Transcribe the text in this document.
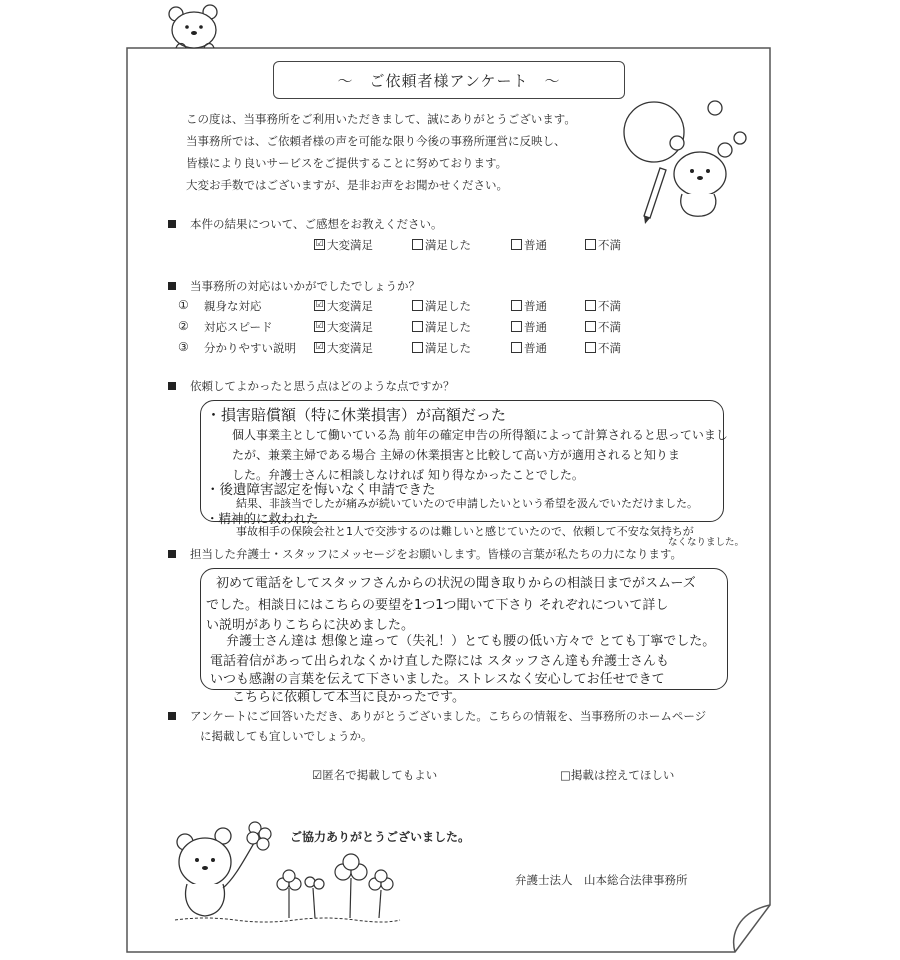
～　ご依頼者様アンケート　～
この度は、当事務所をご利用いただきまして、誠にありがとうございます。
当事務所では、ご依頼者様の声を可能な限り今後の事務所運営に反映し、
皆様により良いサービスをご提供することに努めております。
大変お手数ではございますが、是非お声をお聞かせください。
本件の結果について、ご感想をお教えください。
☑ 大変満足	満足した	普通	不満
当事務所の対応はいかがでしたでしょうか？
① 親身な対応	☑ 大変満足	満足した	普通	不満
② 対応スピード	☑ 大変満足	満足した	普通	不満
③ 分かりやすい説明 ☑ 大変満足	満足した	普通	不満
依頼してよかったと思う点はどのような点ですか？
・損害賠償額（特に休業損害）が高額だった
個人事業主として働いている為 前年の確定申告の所得額によって計算されると思っていまし
たが、兼業主婦である場合 主婦の休業損害と比較して高い方が適用されると知りま
した。弁護士さんに相談しなければ 知り得なかったことでした。
・後遺障害認定を悔いなく申請できた
結果、非該当でしたが痛みが続いていたので申請したいという希望を汲んでいただけました。
・精神的に救われた
事故相手の保険会社と1人で交渉するのは難しいと感じていたので、依頼して不安な気持ちが
なくなりました。
担当した弁護士・スタッフにメッセージをお願いします。皆様の言葉が私たちの力になります。
初めて電話をしてスタッフさんからの状況の聞き取りからの相談日までがスムーズ
でした。相談日にはこちらの要望を1つ1つ聞いて下さり それぞれについて詳し
い説明がありこちらに決めました。
弁護士さん達は 想像と違って（失礼！）とても腰の低い方々で とても丁寧でした。
電話着信があって出られなくかけ直した際には スタッフさん達も弁護士さんも
いつも感謝の言葉を伝えて下さいました。ストレスなく安心してお任せできて
こちらに依頼して本当に良かったです。
アンケートにご回答いただき、ありがとうございました。こちらの情報を、当事務所のホームページ
に掲載しても宜しいでしょうか。
☑匿名で掲載してもよい	□掲載は控えてほしい
ご協力ありがとうございました。
弁護士法人　山本総合法律事務所
